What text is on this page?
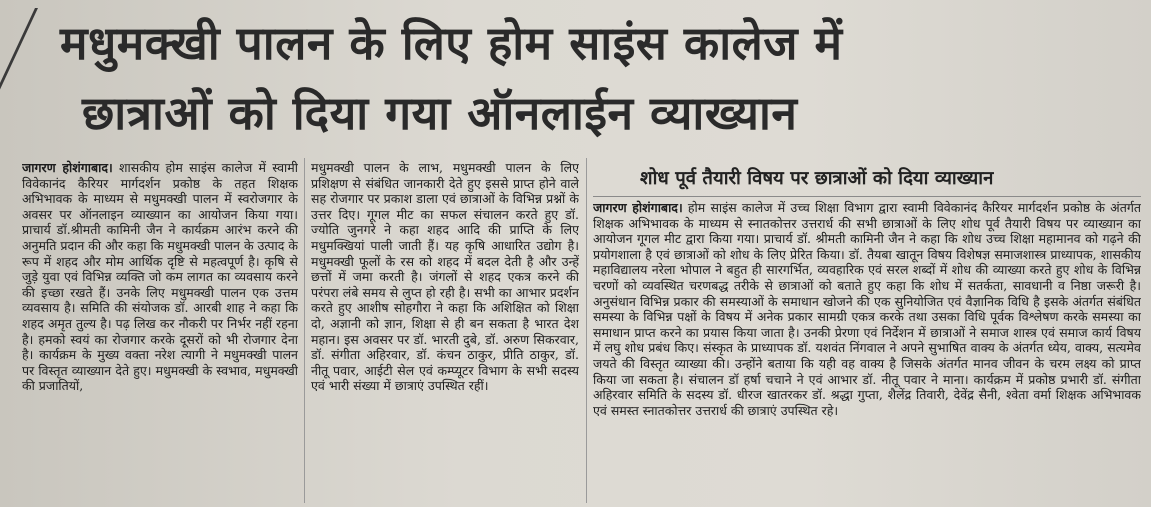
मधुमक्खी पालन के लिए होम साइंस कालेज में
छात्राओं को दिया गया ऑनलाईन व्याख्यान

जागरण होशंगाबाद। शासकीय होम साइंस कालेज में स्वामी विवेकानंद कैरियर मार्गदर्शन प्रकोष्ठ के तहत शिक्षक अभिभावक के माध्यम से मधुमक्खी पालन में स्वरोजगार के अवसर पर ऑनलाइन व्याख्यान का आयोजन किया गया। प्राचार्य डॉ.श्रीमती कामिनी जैन ने कार्यक्रम आरंभ करने की अनुमति प्रदान की और कहा कि मधुमक्खी पालन के उत्पाद के रूप में शहद और मोम आर्थिक दृष्टि से महत्वपूर्ण है। कृषि से जुड़े युवा एवं विभिन्न व्यक्ति जो कम लागत का व्यवसाय करने की इच्छा रखते हैं। उनके लिए मधुमक्खी पालन एक उत्तम व्यवसाय है। समिति की संयोजक डॉ. आरबी शाह ने कहा कि शहद अमृत तुल्य है। पढ़ लिख कर नौकरी पर निर्भर नहीं रहना है। हमको स्वयं का रोजगार करके दूसरों को भी रोजगार देना है। कार्यक्रम के मुख्य वक्ता नरेश त्यागी ने मधुमक्खी पालन पर विस्तृत व्याख्यान देते हुए। मधुमक्खी के स्वभाव, मधुमक्खी की प्रजातियों,

मधुमक्खी पालन के लाभ, मधुमक्खी पालन के लिए प्रशिक्षण से संबंधित जानकारी देते हुए इससे प्राप्त होने वाले सह रोजगार पर प्रकाश डाला एवं छात्राओं के विभिन्न प्रश्नों के उत्तर दिए। गूगल मीट का सफल संचालन करते हुए डॉ. ज्योति जुनगरे ने कहा शहद आदि की प्राप्ति के लिए मधुमक्खियां पाली जाती हैं। यह कृषि आधारित उद्योग है। मधुमक्खी फूलों के रस को शहद में बदल देती है और उन्हें छत्तों में जमा करती है। जंगलों से शहद एकत्र करने की परंपरा लंबे समय से लुप्त हो रही है। सभी का आभार प्रदर्शन करते हुए आशीष सोहगौरा ने कहा कि अशिक्षित को शिक्षा दो, अज्ञानी को ज्ञान, शिक्षा से ही बन सकता है भारत देश महान। इस अवसर पर डॉ. भारती दुबे, डॉ. अरुण सिकरवार, डॉ. संगीता अहिरवार, डॉ. कंचन ठाकुर, प्रीति ठाकुर, डॉ. नीतू पवार, आईटी सेल एवं कम्प्यूटर विभाग के सभी सदस्य एवं भारी संख्या में छात्राएं उपस्थित रहीं।

शोध पूर्व तैयारी विषय पर छात्राओं को दिया व्याख्यान

जागरण होशंगाबाद। होम साइंस कालेज में उच्च शिक्षा विभाग द्वारा स्वामी विवेकानंद कैरियर मार्गदर्शन प्रकोष्ठ के अंतर्गत शिक्षक अभिभावक के माध्यम से स्नातकोत्तर उत्तरार्ध की सभी छात्राओं के लिए शोध पूर्व तैयारी विषय पर व्याख्यान का आयोजन गूगल मीट द्वारा किया गया। प्राचार्य डॉ. श्रीमती कामिनी जैन ने कहा कि शोध उच्च शिक्षा महामानव को गढ़ने की प्रयोगशाला है एवं छात्राओं को शोध के लिए प्रेरित किया। डॉ. तैयबा खातून विषय विशेषज्ञ समाजशास्त्र प्राध्यापक, शासकीय महाविद्यालय नरेला भोपाल ने बहुत ही सारगर्भित, व्यवहारिक एवं सरल शब्दों में शोध की व्याख्या करते हुए शोध के विभिन्न चरणों को व्यवस्थित चरणबद्ध तरीके से छात्राओं को बताते हुए कहा कि शोध में सतर्कता, सावधानी व निष्ठा जरूरी है। अनुसंधान विभिन्न प्रकार की समस्याओं के समाधान खोजने की एक सुनियोजित एवं वैज्ञानिक विधि है इसके अंतर्गत संबंधित समस्या के विभिन्न पक्षों के विषय में अनेक प्रकार सामग्री एकत्र करके तथा उसका विधि पूर्वक विश्लेषण करके समस्या का समाधान प्राप्त करने का प्रयास किया जाता है। उनकी प्रेरणा एवं निर्देशन में छात्राओं ने समाज शास्त्र एवं समाज कार्य विषय में लघु शोध प्रबंध किए। संस्कृत के प्राध्यापक डॉ. यशवंत निंगवाल ने अपने सुभाषित वाक्य के अंतर्गत ध्येय, वाक्य, सत्यमेव जयते की विस्तृत व्याख्या की। उन्होंने बताया कि यही वह वाक्य है जिसके अंतर्गत मानव जीवन के चरम लक्ष्य को प्राप्त किया जा सकता है। संचालन डॉ हर्षा चचाने ने एवं आभार डॉ. नीतू पवार ने माना। कार्यक्रम में प्रकोष्ठ प्रभारी डॉ. संगीता अहिरवार समिति के सदस्य डॉ. धीरज खातरकर डॉ. श्रद्धा गुप्ता, शैलेंद्र तिवारी, देवेंद्र सैनी, श्वेता वर्मा शिक्षक अभिभावक एवं समस्त स्नातकोत्तर उत्तरार्ध की छात्राएं उपस्थित रहे।
